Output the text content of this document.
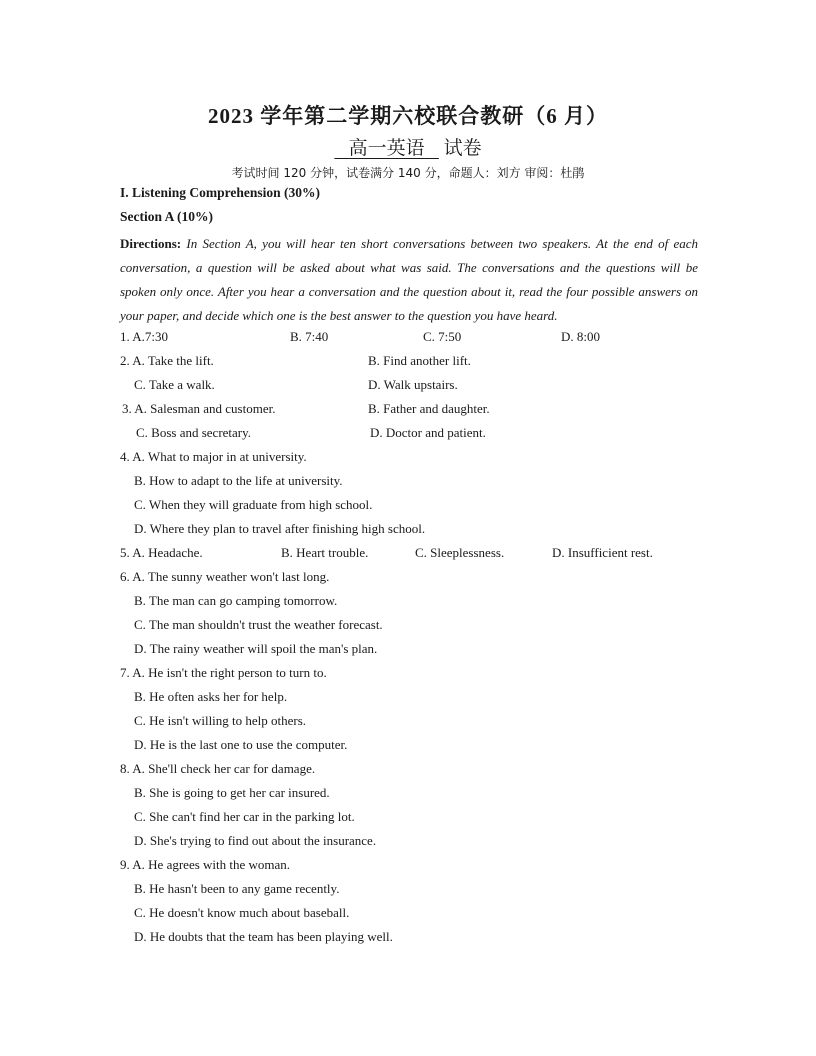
2023 学年第二学期六校联合教研（6 月）
高一英语 试卷
考试时间 120 分钟，试卷满分 140 分，命题人：刘方 审阅：杜鹃
I. Listening Comprehension (30%)
Section A (10%)
Directions: In Section A, you will hear ten short conversations between two speakers. At the end of each conversation, a question will be asked about what was said. The conversations and the questions will be spoken only once. After you hear a conversation and the question about it, read the four possible answers on your paper, and decide which one is the best answer to the question you have heard.
1. A.7:30	B. 7:40	C. 7:50	D. 8:00
2. A. Take the lift.	B. Find another lift.
C. Take a walk.	D. Walk upstairs.
3. A. Salesman and customer.	B. Father and daughter.
C. Boss and secretary.	D. Doctor and patient.
4. A. What to major in at university.
B. How to adapt to the life at university.
C. When they will graduate from high school.
D. Where they plan to travel after finishing high school.
5. A. Headache.	B. Heart trouble.	C. Sleeplessness.	D. Insufficient rest.
6. A. The sunny weather won't last long.
B. The man can go camping tomorrow.
C. The man shouldn't trust the weather forecast.
D. The rainy weather will spoil the man's plan.
7. A. He isn't the right person to turn to.
B. He often asks her for help.
C. He isn't willing to help others.
D. He is the last one to use the computer.
8. A. She'll check her car for damage.
B. She is going to get her car insured.
C. She can't find her car in the parking lot.
D. She's trying to find out about the insurance.
9. A. He agrees with the woman.
B. He hasn't been to any game recently.
C. He doesn't know much about baseball.
D. He doubts that the team has been playing well.
